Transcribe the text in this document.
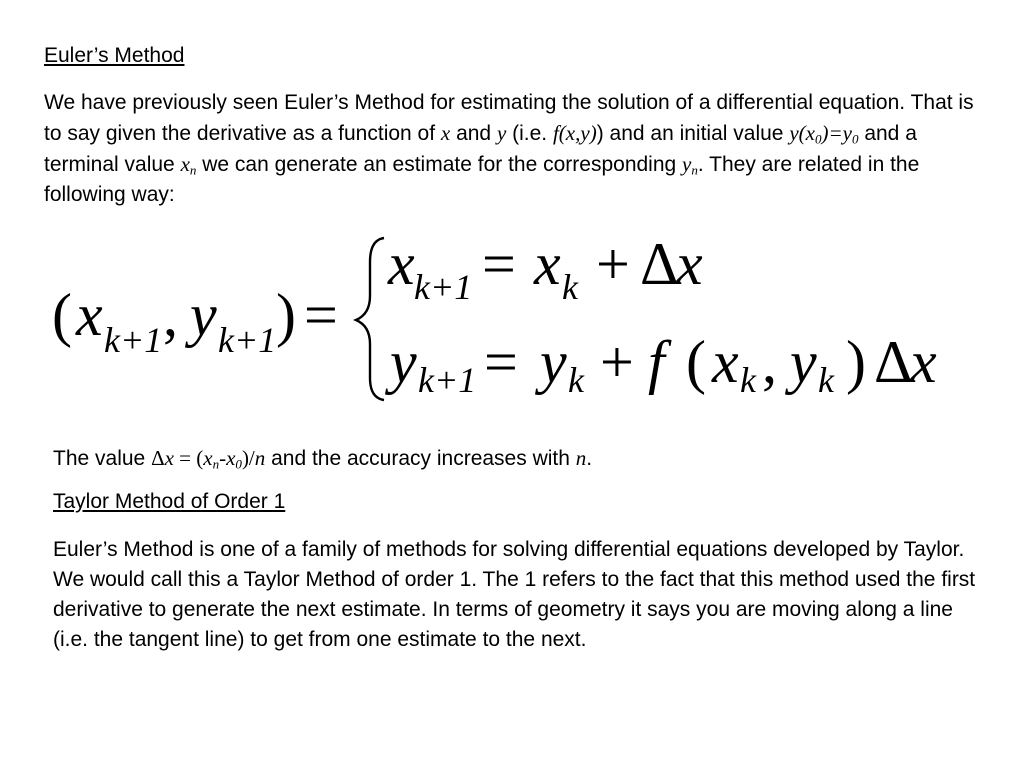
Euler’s Method

We have previously seen Euler’s Method for estimating the solution of a differential equation. That is to say given the derivative as a function of x and y (i.e. f(x,y)) and an initial value $y(x_0)=y_0$ and a terminal value $x_n$ we can generate an estimate for the corresponding $y_n$. They are related in the following way:

( x k+1 , y k+1 ) =
x k+1 = x k + Δ
x
y k+1 = y k + f ( x k , y k ) Δ
x

The value $\Delta x = (x_n-x_0)/n$ and the accuracy increases with n.

Taylor Method of Order 1

Euler’s Method is one of a family of methods for solving differential equations developed by Taylor. We would call this a Taylor Method of order 1. The 1 refers to the fact that this method used the first derivative to generate the next estimate. In terms of geometry it says you are moving along a line (i.e. the tangent line) to get from one estimate to the next.
